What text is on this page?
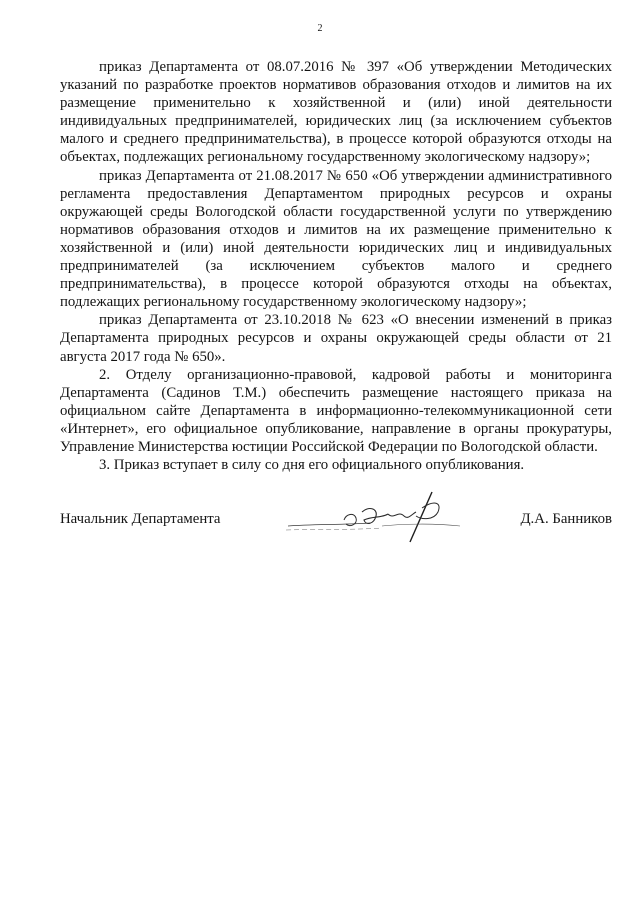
2

приказ Департамента от 08.07.2016 № 397 «Об утверждении Методических указаний по разработке проектов нормативов образования отходов и лимитов на их размещение применительно к хозяйственной и (или) иной деятельности индивидуальных предпринимателей, юридических лиц (за исключением субъектов малого и среднего предпринимательства), в процессе которой образуются отходы на объектах, подлежащих региональному государственному экологическому надзору»;

приказ Департамента от 21.08.2017 № 650 «Об утверждении административного регламента предоставления Департаментом природных ресурсов и охраны окружающей среды Вологодской области государственной услуги по утверждению нормативов образования отходов и лимитов на их размещение применительно к хозяйственной и (или) иной деятельности юридических лиц и индивидуальных предпринимателей (за исключением субъектов малого и среднего предпринимательства), в процессе которой образуются отходы на объектах, подлежащих региональному государственному экологическому надзору»;

приказ Департамента от 23.10.2018 № 623 «О внесении изменений в приказ Департамента природных ресурсов и охраны окружающей среды области от 21 августа 2017 года № 650».

2. Отделу организационно-правовой, кадровой работы и мониторинга Департамента (Садинов Т.М.) обеспечить размещение настоящего приказа на официальном сайте Департамента в информационно-телекоммуникационной сети «Интернет», его официальное опубликование, направление в органы прокуратуры, Управление Министерства юстиции Российской Федерации по Вологодской области.

3. Приказ вступает в силу со дня его официального опубликования.

Начальник Департамента	Д.А. Банников
